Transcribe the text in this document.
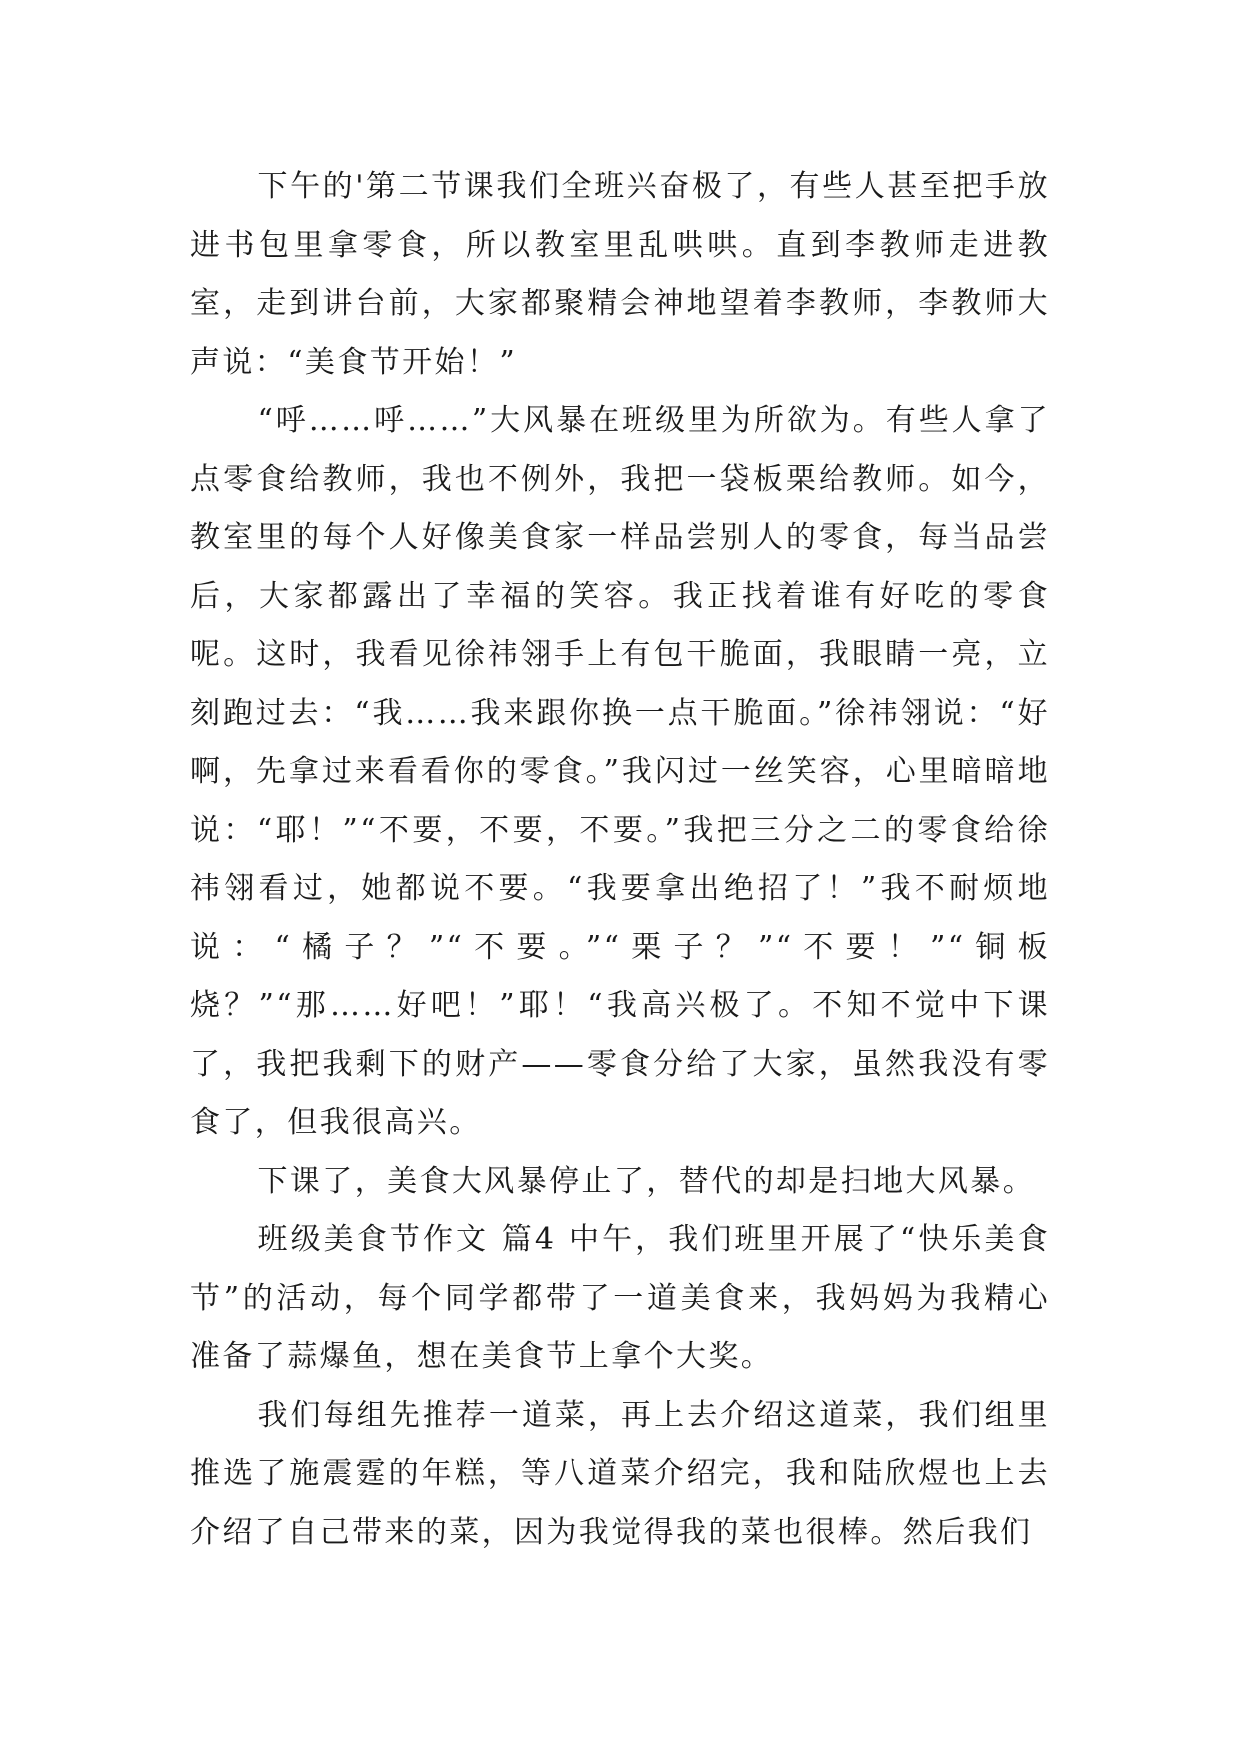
下午的'第二节课我们全班兴奋极了，有些人甚至把手放进书包里拿零食，所以教室里乱哄哄。直到李教师走进教室，走到讲台前，大家都聚精会神地望着李教师，李教师大声说：“美食节开始！”

“呼……呼……”大风暴在班级里为所欲为。有些人拿了点零食给教师，我也不例外，我把一袋板栗给教师。如今，教室里的每个人好像美食家一样品尝别人的零食，每当品尝后，大家都露出了幸福的笑容。我正找着谁有好吃的零食呢。这时，我看见徐祎翎手上有包干脆面，我眼睛一亮，立刻跑过去：“我……我来跟你换一点干脆面。”徐祎翎说：“好啊，先拿过来看看你的零食。”我闪过一丝笑容，心里暗暗地说：“耶！”“不要，不要，不要。”我把三分之二的零食给徐祎翎看过，她都说不要。“我要拿出绝招了！”我不耐烦地说：“橘子？”“不要。”“栗子？”“不要！”“铜板烧？”“那……好吧！”耶！“我高兴极了。不知不觉中下课了，我把我剩下的财产——零食分给了大家，虽然我没有零食了，但我很高兴。

下课了，美食大风暴停止了，替代的却是扫地大风暴。

班级美食节作文 篇4 中午，我们班里开展了“快乐美食节”的活动，每个同学都带了一道美食来，我妈妈为我精心准备了蒜爆鱼，想在美食节上拿个大奖。

我们每组先推荐一道菜，再上去介绍这道菜，我们组里推选了施震霆的年糕，等八道菜介绍完，我和陆欣煜也上去介绍了自己带来的菜，因为我觉得我的菜也很棒。然后我们
